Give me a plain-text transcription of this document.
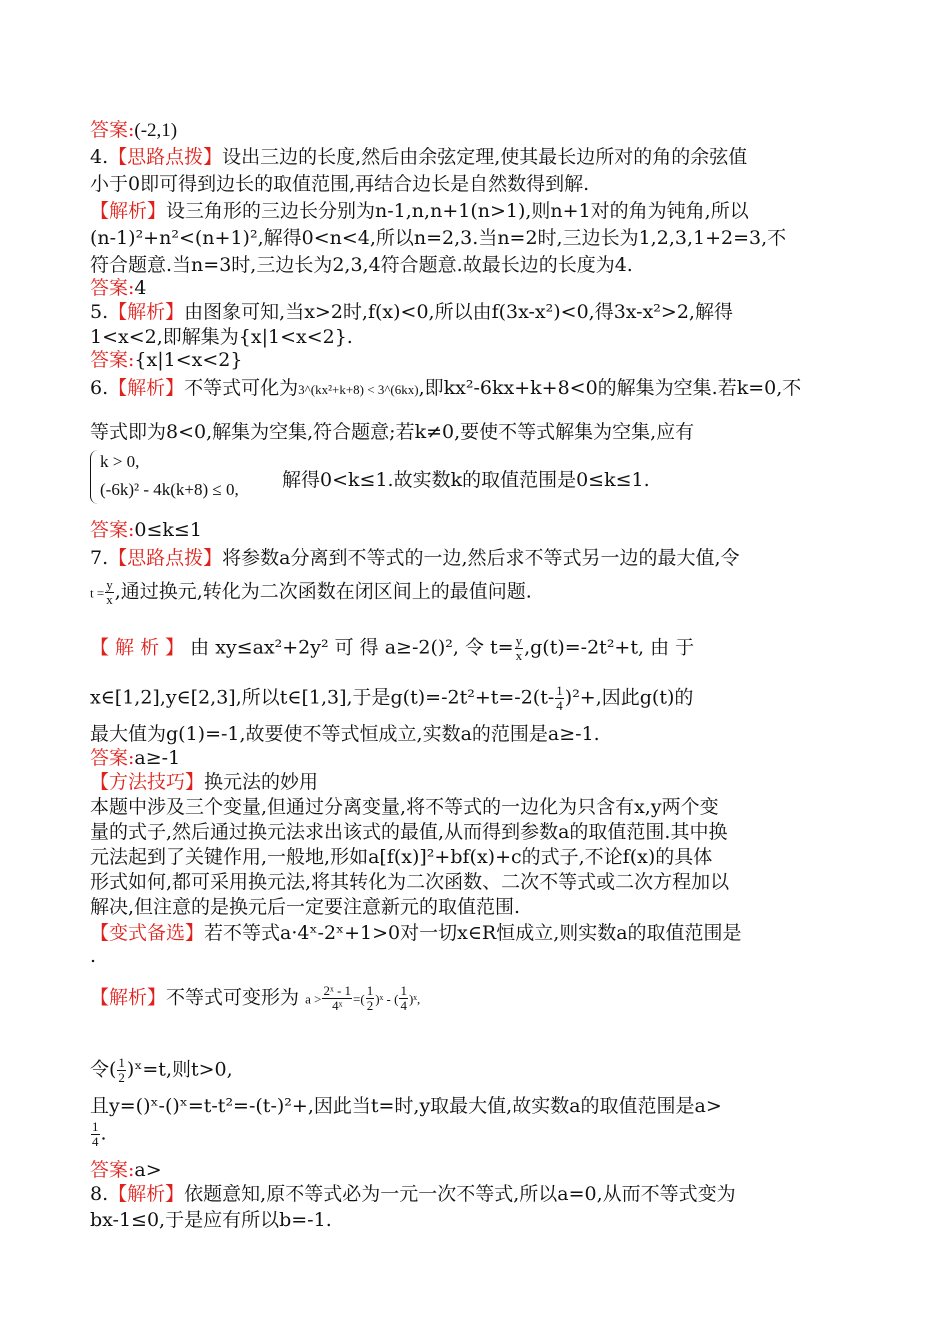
答案:(-2,1)
4.【思路点拨】设出三边的长度,然后由余弦定理,使其最长边所对的角的余弦值
小于0即可得到边长的取值范围,再结合边长是自然数得到解.
【解析】设三角形的三边长分别为n-1,n,n+1(n>1),则n+1对的角为钝角,所以
(n-1)²+n²<(n+1)²,解得0<n<4,所以n=2,3.当n=2时,三边长为1,2,3,1+2=3,不
符合题意.当n=3时,三边长为2,3,4符合题意.故最长边的长度为4.
答案:4
5.【解析】由图象可知,当x>2时,f(x)<0,所以由f(3x-x²)<0,得3x-x²>2,解得
1<x<2,即解集为{x|1<x<2}.
答案:{x|1<x<2}
6.【解析】不等式可化为3^(kx²+k+8) < 3^(6kx),即kx²-6kx+k+8<0的解集为空集.若k=0,不
等式即为8<0,解集为空集,符合题意;若k≠0,要使不等式解集为空集,应有
k > 0,
(-6k)² - 4k(k+8) ≤ 0, 解得0<k≤1.故实数k的取值范围是0≤k≤1.
答案:0≤k≤1
7.【思路点拨】将参数a分离到不等式的一边,然后求不等式另一边的最大值,令
$t = \frac{y}{x}$ ,通过换元,转化为二次函数在闭区间上的最值问题.
【 解 析 】 由 xy≤ax²+2y² 可 得 a≥-2()², 令 $t= \frac{y}{x} ,g(t)=-2t^2+t$, 由 于
x∈[1,2],y∈[2,3],所以t∈[1,3],于是$g(t)=-2t^2+t=-2(t- \frac{1}{4} )^2+$,因此g(t)的
最大值为g(1)=-1,故要使不等式恒成立,实数a的范围是a≥-1.
答案:a≥-1
【方法技巧】换元法的妙用
本题中涉及三个变量,但通过分离变量,将不等式的一边化为只含有x,y两个变
量的式子,然后通过换元法求出该式的最值,从而得到参数a的取值范围.其中换
元法起到了关键作用,一般地,形如a[f(x)]²+bf(x)+c的式子,不论f(x)的具体
形式如何,都可采用换元法,将其转化为二次函数、二次不等式或二次方程加以
解决,但注意的是换元后一定要注意新元的取值范围.
【变式备选】若不等式a·4ˣ-2ˣ+1>0对一切x∈R恒成立,则实数a的取值范围是
.
【解析】不等式可变形为 $a > \frac{\text{2ˣ - 1}}{\text{4ˣ}}$ =( $\frac{1}{2}$ )ˣ - ( $\frac{1}{4}$ )ˣ,
令( $\frac{1}{2}$ )ˣ=t,则t>0,
且y=()ˣ-()ˣ=t-t²=-(t-)²+,因此当t=时,y取最大值,故实数a的取值范围是a>
$\frac{1}{4}$ .
答案:a>
8.【解析】依题意知,原不等式必为一元一次不等式,所以a=0,从而不等式变为
bx-1≤0,于是应有所以b=-1.
